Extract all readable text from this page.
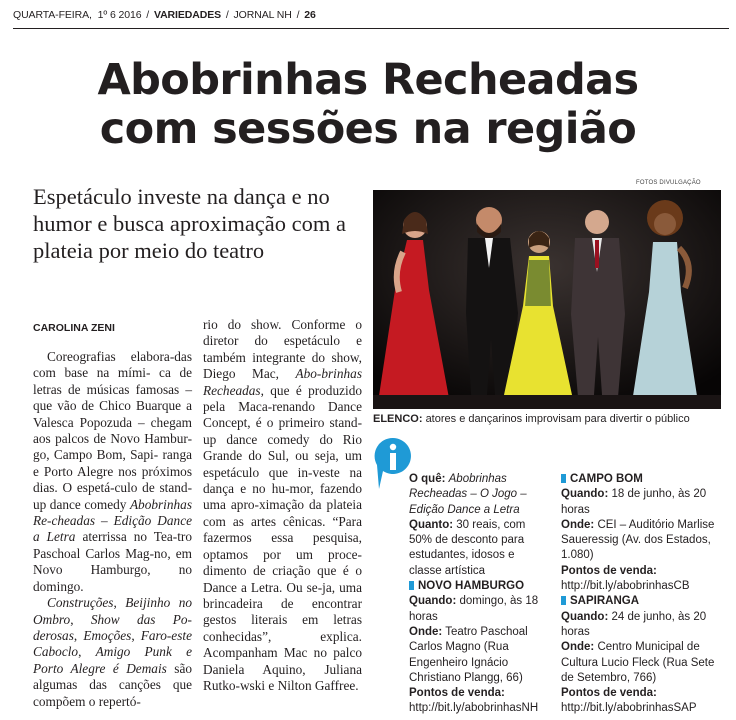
QUARTA-FEIRA, 1º 6 2016 / VARIEDADES / JORNAL NH / 26
Abobrinhas Recheadas
com sessões na região
Espetáculo investe na dança e no humor e busca aproximação com a plateia por meio do teatro
CAROLINA ZENI

Coreografias elabora-das com base na mími- ca de letras de músicas famosas – que vão de Chico Buarque a Valesca Popozuda – chegam aos palcos de Novo Hambur-go, Campo Bom, Sapi- ranga e Porto Alegre nos próximos dias. O espetá-culo de stand-up dance comedy Abobrinhas Re-cheadas – Edição Dance a Letra aterrissa no Tea-tro Paschoal Carlos Mag-no, em Novo Hamburgo, no domingo.

Construções, Beijinho no Ombro, Show das Po-derosas, Emoções, Faro-este Caboclo, Amigo Punk e Porto Alegre é Demais são algumas das canções que compõem o repertó-

rio do show. Conforme o diretor do espetáculo e também integrante do show, Diego Mac, Abo-brinhas Recheadas, que é produzido pela Maca-renando Dance Concept, é o primeiro stand-up dance comedy do Rio Grande do Sul, ou seja, um espetáculo que in-veste na dança e no hu-mor, fazendo uma apro-ximação da plateia com as artes cênicas. “Para fazermos essa pesquisa, optamos por um proce-dimento de criação que é o Dance a Letra. Ou se-ja, uma brincadeira de encontrar gestos literais em letras conhecidas”,	explica. Acompanham Mac no palco Daniela Aquino, Juliana Rutko-wski e Nilton Gaffree.

FOTOS DIVULGAÇÃO
ELENCO: atores e dançarinos improvisam para divertir o público
O quê: Abobrinhas Recheadas – O Jogo – Edição Dance a Letra
Quanto: 30 reais, com 50% de desconto para estudantes, idosos e classe artística
NOVO HAMBURGO
Quando: domingo, às 18 horas
Onde: Teatro Paschoal Carlos Magno (Rua Engenheiro Ignácio Christiano Plangg, 66)
Pontos de venda: http://bit.ly/abobrinhasNH
CAMPO BOM
Quando: 18 de junho, às 20 horas
Onde: CEI – Auditório Marlise Saueressig (Av. dos Estados, 1.080)
Pontos de venda: http://bit.ly/abobrinhasCB
SAPIRANGA
Quando: 24 de junho, às 20 horas
Onde: Centro Municipal de Cultura Lucio Fleck (Rua Sete de Setembro, 766)
Pontos de venda: http://bit.ly/abobrinhasSAP
